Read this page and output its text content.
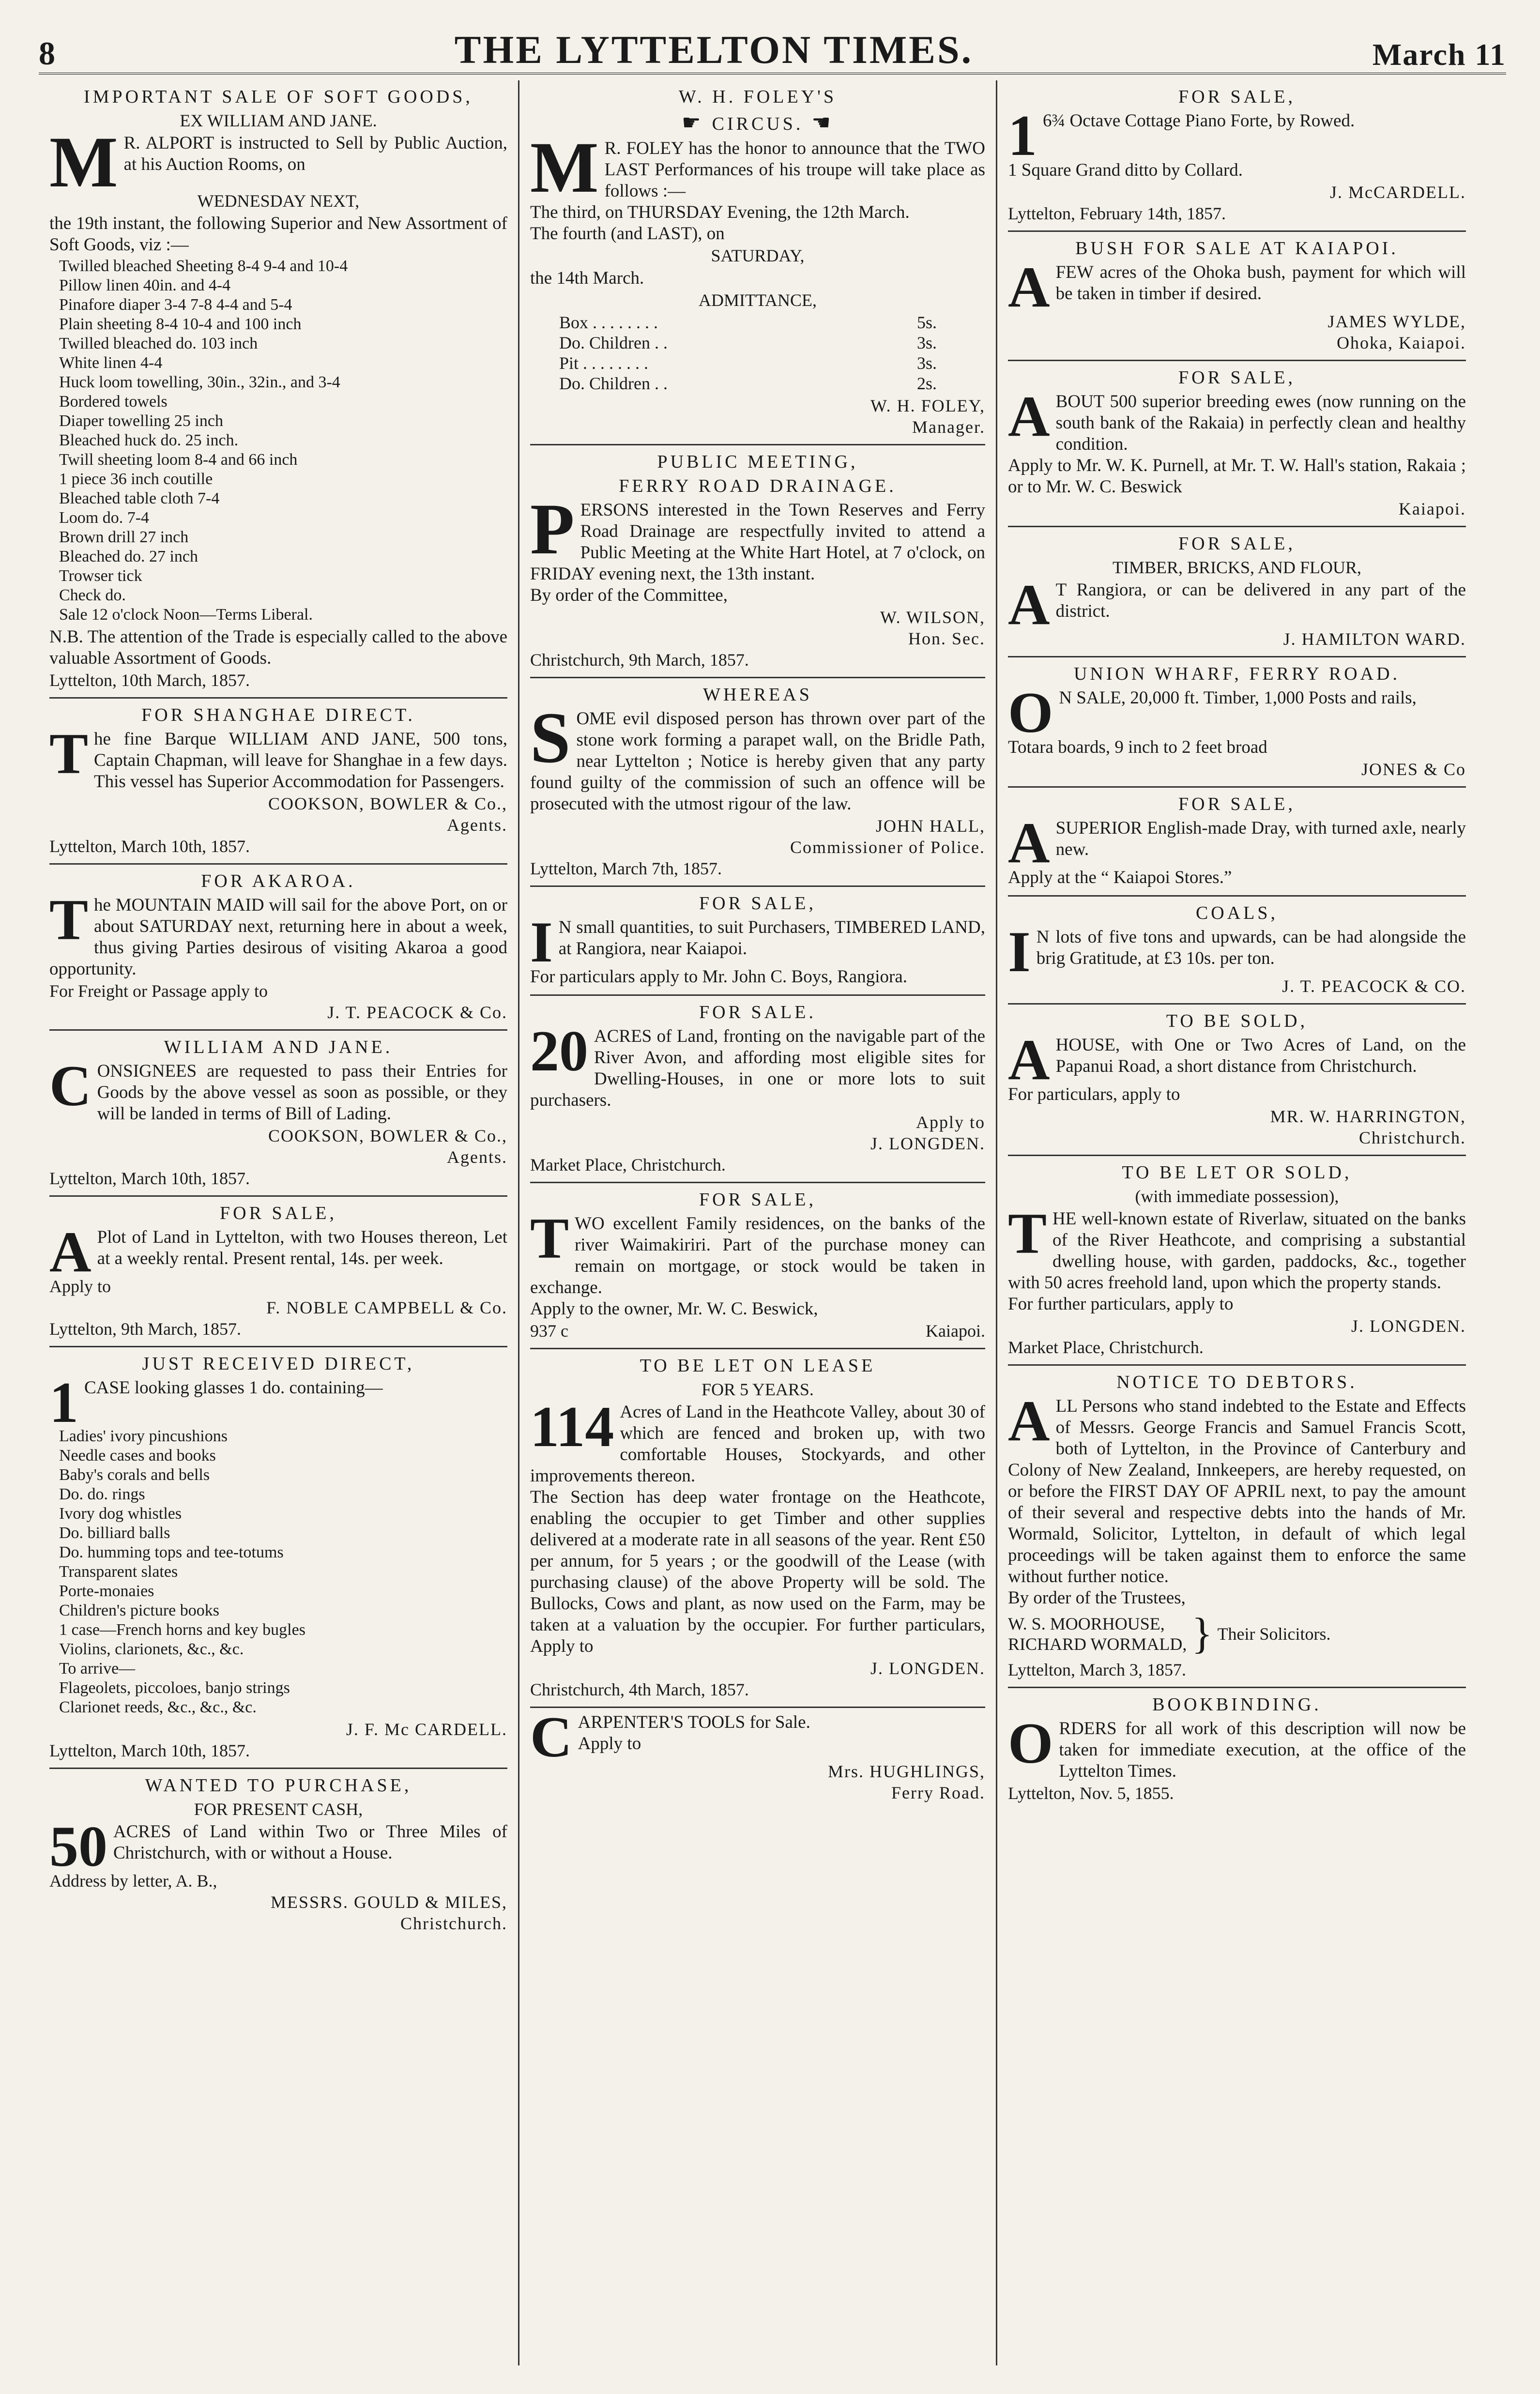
8	THE LYTTELTON TIMES.	March 11
IMPORTANT SALE OF SOFT GOODS,
EX WILLIAM AND JANE.
M R. ALPORT is instructed to Sell by Public Auction, at his Auction Rooms, on

WEDNESDAY NEXT,

the 19th instant, the following Superior and New Assortment of Soft Goods, viz :—

Twilled bleached Sheeting 8-4 9-4 and 10-4
Pillow linen 40in. and 4-4
Pinafore diaper 3-4 7-8 4-4 and 5-4
Plain sheeting 8-4 10-4 and 100 inch
Twilled bleached do. 103 inch
White linen 4-4
Huck loom towelling, 30in., 32in., and 3-4
Bordered towels
Diaper towelling 25 inch
Bleached huck do. 25 inch.
Twill sheeting loom 8-4 and 66 inch
1 piece 36 inch coutille
Bleached table cloth 7-4
Loom do. 7-4
Brown drill 27 inch
Bleached do. 27 inch
Trowser tick
Check do.
Sale 12 o'clock Noon—Terms Liberal.

N.B. The attention of the Trade is especially called to the above valuable Assortment of Goods.

Lyttelton, 10th March, 1857.
FOR SHANGHAE DIRECT.
T he fine Barque WILLIAM AND JANE, 500 tons, Captain Chapman, will leave for Shanghae in a few days. This vessel has Superior Accommodation for Passengers.

COOKSON, BOWLER & Co.,
Agents.
Lyttelton, March 10th, 1857.
FOR AKAROA.
T he MOUNTAIN MAID will sail for the above Port, on or about SATURDAY next, returning here in about a week, thus giving Parties desirous of visiting Akaroa a good opportunity.

For Freight or Passage apply to
J. T. PEACOCK & Co.
WILLIAM AND JANE.
C ONSIGNEES are requested to pass their Entries for Goods by the above vessel as soon as possible, or they will be landed in terms of Bill of Lading.

COOKSON, BOWLER & Co.,
Agents.
Lyttelton, March 10th, 1857.
FOR SALE,
A Plot of Land in Lyttelton, with two Houses thereon, Let at a weekly rental. Present rental, 14s. per week.

Apply to
F. NOBLE CAMPBELL & Co.
Lyttelton, 9th March, 1857.
JUST RECEIVED DIRECT,
1 CASE looking glasses 1 do. containing—

Ladies' ivory pincushions
Needle cases and books
Baby's corals and bells
Do. do. rings
Ivory dog whistles
Do. billiard balls
Do. humming tops and tee-totums
Transparent slates
Porte-monaies
Children's picture books
1 case—French horns and key bugles
Violins, clarionets, &c., &c.
To arrive—
Flageolets, piccoloes, banjo strings
Clarionet reeds, &c., &c., &c.
J. F. Mc CARDELL.
Lyttelton, March 10th, 1857.
WANTED TO PURCHASE,
FOR PRESENT CASH,
50 ACRES of Land within Two or Three Miles of Christchurch, with or without a House.

Address by letter, A. B.,
MESSRS. GOULD & MILES,
Christchurch.
W. H. FOLEY'S
☛ CIRCUS. ☚
M R. FOLEY has the honor to announce that the TWO LAST Performances of his troupe will take place as follows :—

The third, on THURSDAY Evening, the 12th March.

The fourth (and LAST), on

SATURDAY,

the 14th March.

ADMITTANCE,
Box . . . . . . . .	5s.
Do. Children . .	3s.
Pit . . . . . . . .	3s.
Do. Children . .	2s.
W. H. FOLEY,
Manager.
PUBLIC MEETING,
FERRY ROAD DRAINAGE.
P ERSONS interested in the Town Reserves and Ferry Road Drainage are respectfully invited to attend a Public Meeting at the White Hart Hotel, at 7 o'clock, on FRIDAY evening next, the 13th instant.

By order of the Committee,

W. WILSON,
Hon. Sec.
Christchurch, 9th March, 1857.
WHEREAS
S OME evil disposed person has thrown over part of the stone work forming a parapet wall, on the Bridle Path, near Lyttelton ; Notice is hereby given that any party found guilty of the commission of such an offence will be prosecuted with the utmost rigour of the law.

JOHN HALL,
Commissioner of Police.
Lyttelton, March 7th, 1857.
FOR SALE,
I N small quantities, to suit Purchasers, TIMBERED LAND, at Rangiora, near Kaiapoi.

For particulars apply to Mr. John C. Boys, Rangiora.

FOR SALE.
20 ACRES of Land, fronting on the navigable part of the River Avon, and affording most eligible sites for Dwelling-Houses, in one or more lots to suit purchasers.

Apply to
J. LONGDEN.
Market Place, Christchurch.
FOR SALE,
T WO excellent Family residences, on the banks of the river Waimakiriri. Part of the purchase money can remain on mortgage, or stock would be taken in exchange.

Apply to the owner, Mr. W. C. Beswick,

937 c	Kaiapoi.
TO BE LET ON LEASE
FOR 5 YEARS.
114 Acres of Land in the Heathcote Valley, about 30 of which are fenced and broken up, with two comfortable Houses, Stockyards, and other improvements thereon.

The Section has deep water frontage on the Heathcote, enabling the occupier to get Timber and other supplies delivered at a moderate rate in all seasons of the year. Rent £50 per annum, for 5 years ; or the goodwill of the Lease (with purchasing clause) of the above Property will be sold. The Bullocks, Cows and plant, as now used on the Farm, may be taken at a valuation by the occupier. For further particulars, Apply to

J. LONGDEN.
Christchurch, 4th March, 1857.
C ARPENTER'S TOOLS for Sale.

Apply to

Mrs. HUGHLINGS,
Ferry Road.
FOR SALE,
1 6¾ Octave Cottage Piano Forte, by Rowed.

1 Square Grand ditto by Collard.

J. McCARDELL.
Lyttelton, February 14th, 1857.
BUSH FOR SALE AT KAIAPOI.
A FEW acres of the Ohoka bush, payment for which will be taken in timber if desired.

JAMES WYLDE,
Ohoka, Kaiapoi.
FOR SALE,
A BOUT 500 superior breeding ewes (now running on the south bank of the Rakaia) in perfectly clean and healthy condition.

Apply to Mr. W. K. Purnell, at Mr. T. W. Hall's station, Rakaia ; or to Mr. W. C. Beswick

Kaiapoi.
FOR SALE,
TIMBER, BRICKS, AND FLOUR,
A T Rangiora, or can be delivered in any part of the district.

J. HAMILTON WARD.
UNION WHARF, FERRY ROAD.
O N SALE, 20,000 ft. Timber, 1,000 Posts and rails,

Totara boards, 9 inch to 2 feet broad

JONES & Co
FOR SALE,
A SUPERIOR English-made Dray, with turned axle, nearly new.

Apply at the “ Kaiapoi Stores.”

COALS,
I N lots of five tons and upwards, can be had alongside the brig Gratitude, at £3 10s. per ton.

J. T. PEACOCK & CO.
TO BE SOLD,
A HOUSE, with One or Two Acres of Land, on the Papanui Road, a short distance from Christchurch.

For particulars, apply to

MR. W. HARRINGTON,
Christchurch.
TO BE LET OR SOLD,
(with immediate possession),
T HE well-known estate of Riverlaw, situated on the banks of the River Heathcote, and comprising a substantial dwelling house, with garden, paddocks, &c., together with 50 acres freehold land, upon which the property stands.

For further particulars, apply to

J. LONGDEN.
Market Place, Christchurch.
NOTICE TO DEBTORS.
A LL Persons who stand indebted to the Estate and Effects of Messrs. George Francis and Samuel Francis Scott, both of Lyttelton, in the Province of Canterbury and Colony of New Zealand, Innkeepers, are hereby requested, on or before the FIRST DAY OF APRIL next, to pay the amount of their several and respective debts into the hands of Mr. Wormald, Solicitor, Lyttelton, in default of which legal proceedings will be taken against them to enforce the same without further notice.

By order of the Trustees,

W. S. MOORHOUSE,
RICHARD WORMALD, } Their Solicitors.
Lyttelton, March 3, 1857.
BOOKBINDING.
O RDERS for all work of this description will now be taken for immediate execution, at the office of the Lyttelton Times.

Lyttelton, Nov. 5, 1855.
